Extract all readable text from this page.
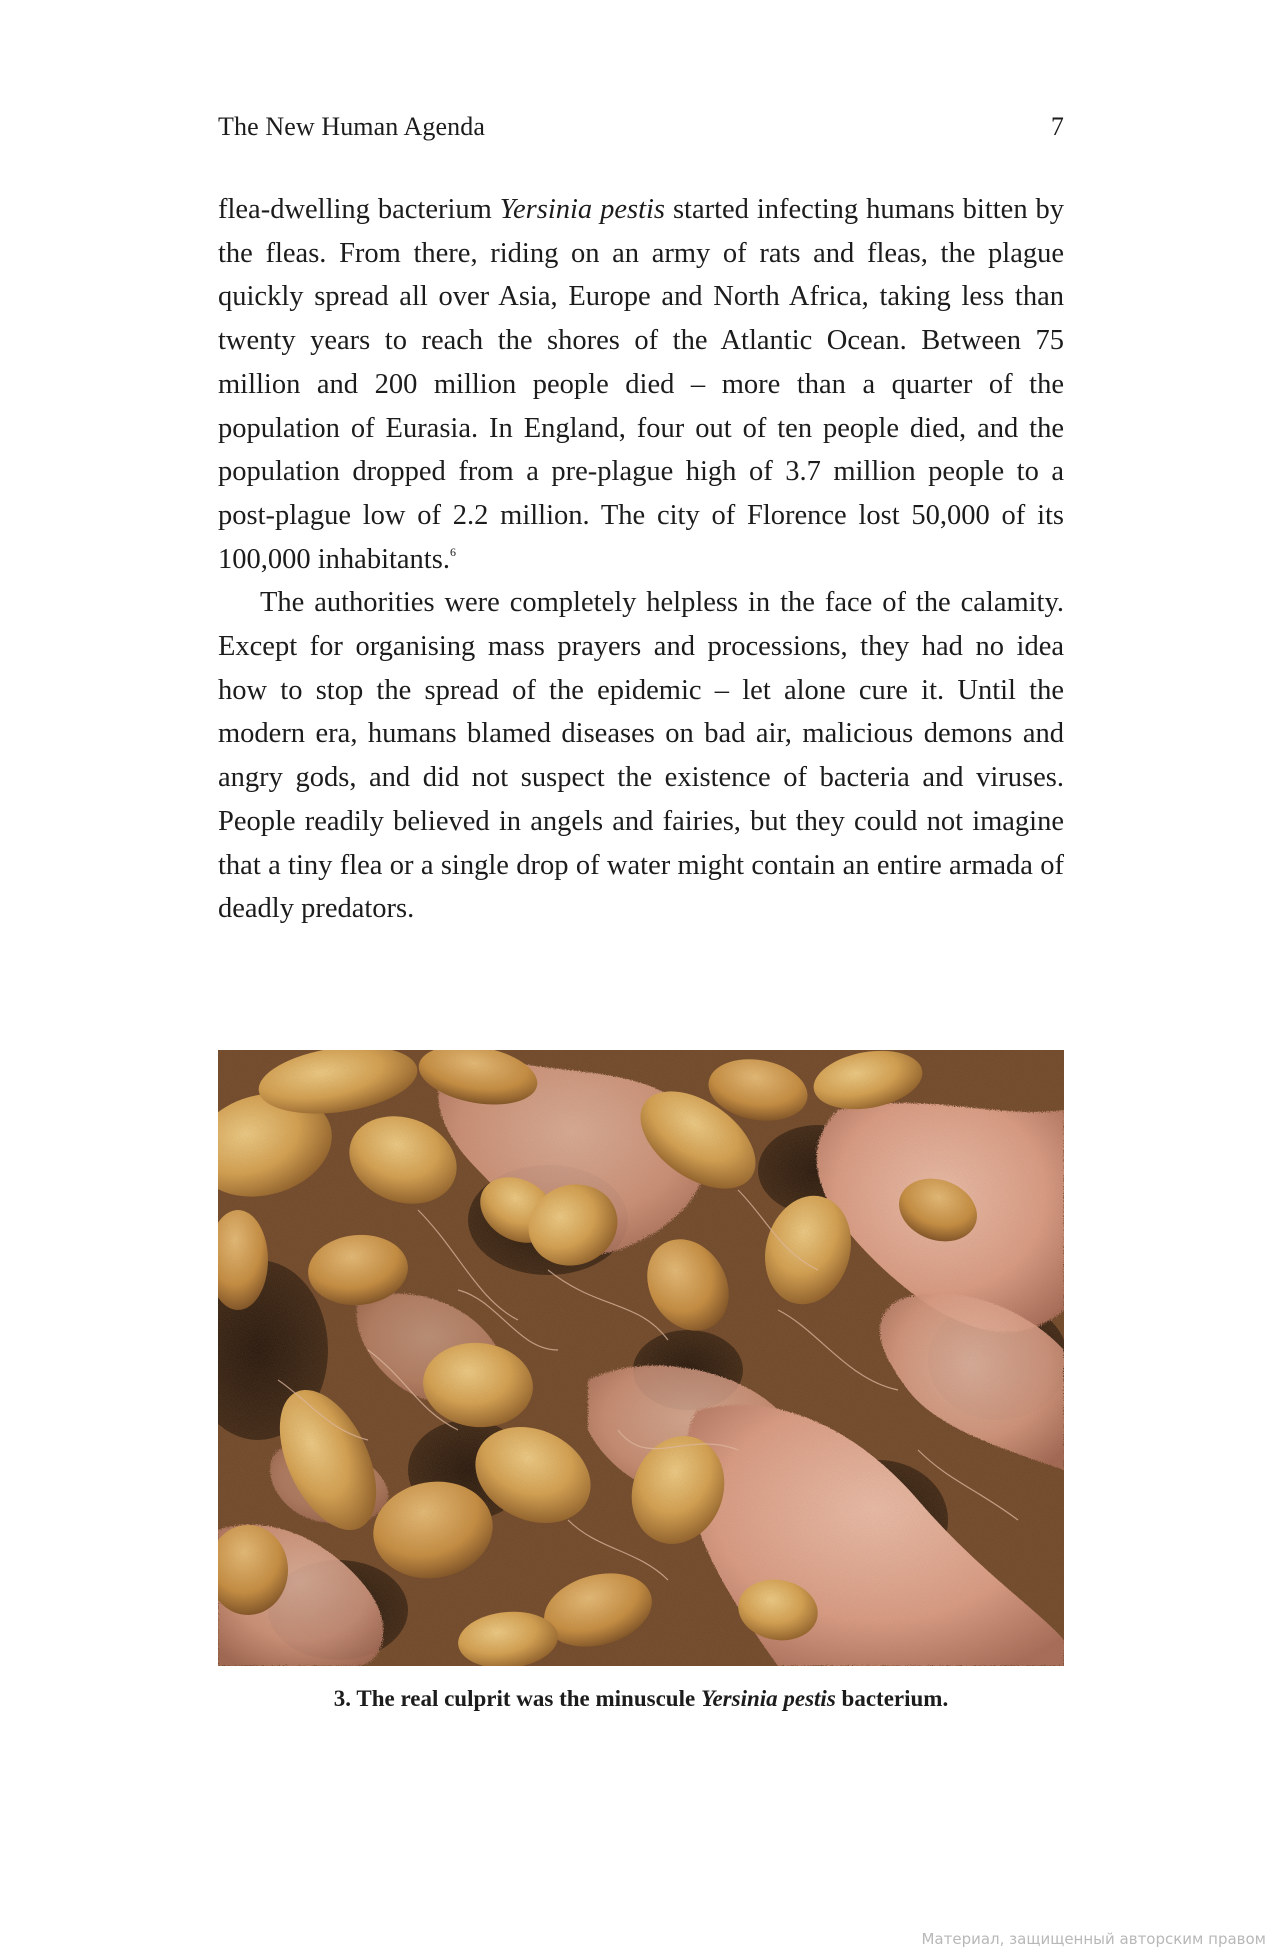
The New Human Agenda	7

flea-dwelling bacterium Yersinia pestis started infecting humans bitten by the fleas. From there, riding on an army of rats and fleas, the plague quickly spread all over Asia, Europe and North Africa, taking less than twenty years to reach the shores of the Atlantic Ocean. Between 75 million and 200 million people died – more than a quarter of the population of Eurasia. In England, four out of ten people died, and the population dropped from a pre-plague high of 3.7 million people to a post-plague low of 2.2 million. The city of Florence lost 50,000 of its 100,000 inhabitants.$^6$

The authorities were completely helpless in the face of the calamity. Except for organising mass prayers and processions, they had no idea how to stop the spread of the epidemic – let alone cure it. Until the modern era, humans blamed diseases on bad air, malicious demons and angry gods, and did not suspect the existence of bacteria and viruses. People readily believed in angels and fairies, but they could not imagine that a tiny flea or a single drop of water might contain an entire armada of deadly predators.

3. The real culprit was the minuscule Yersinia pestis bacterium.
Материал, защищенный авторским правом
